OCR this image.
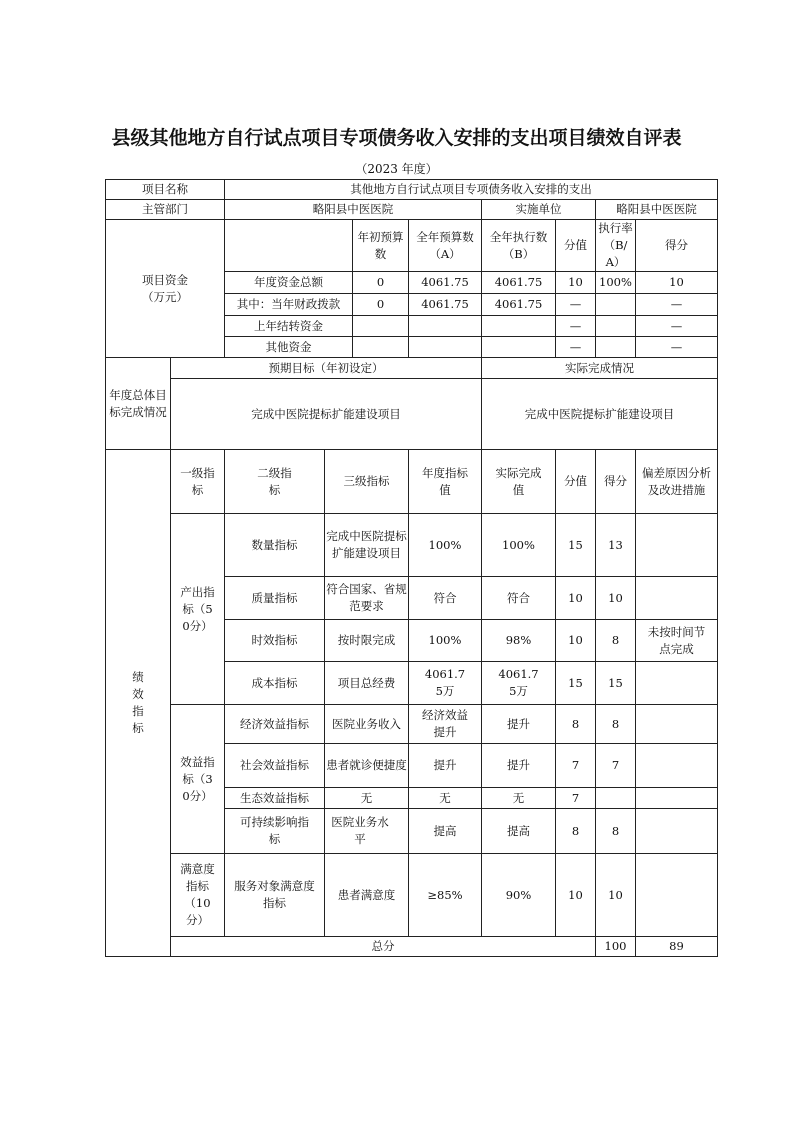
县级其他地方自行试点项目专项债务收入安排的支出项目绩效自评表
（2023 年度）
项目名称		其他地方自行试点项目专项债务收入安排的支出								
主管部门		略阳县中医医院				实施单位		略阳县中医医院		

项目资金
（万元）				年初预算数	全年预算数（A）	全年执行数（B）	分值	执行率（B/A）	得分	
		年度资金总额		0	4061.75	4061.75	10	100%	10	
		其中：当年财政拨款		0	4061.75	4061.75	—		—	
		上年结转资金					—		—	
		其他资金					—		—	
年度总体目标完成情况	预期目标（年初设定）					实际完成情况				
	完成中医院提标扩能建设项目					完成中医院提标扩能建设项目				
绩效指标	一级指标	二级指标	三级指标		年度指标值	实际完成值	分值	得分	偏差原因分析及改进措施	
	产出指标（50分）	数量指标	完成中医院提标扩能建设项目		100%	100%	15	13		
		质量指标	符合国家、省规范要求		符合	符合	10	10		
		时效指标	按时限完成		100%	98%	10	8	未按时间节点完成	
		成本指标	项目总经费		4061.75万	4061.75万	15	15		
	效益指标（30分）	经济效益指标	医院业务收入		经济效益提升	提升	8	8		
		社会效益指标	患者就诊便捷度		提升	提升	7	7		
		生态效益指标	无		无	无	7			
		可持续影响指标	医院业务水平		提高	提高	8	8		
	满意度指标（10分）	服务对象满意度指标	患者满意度		≥85%	90%	10	10		
	总分							100	89	
